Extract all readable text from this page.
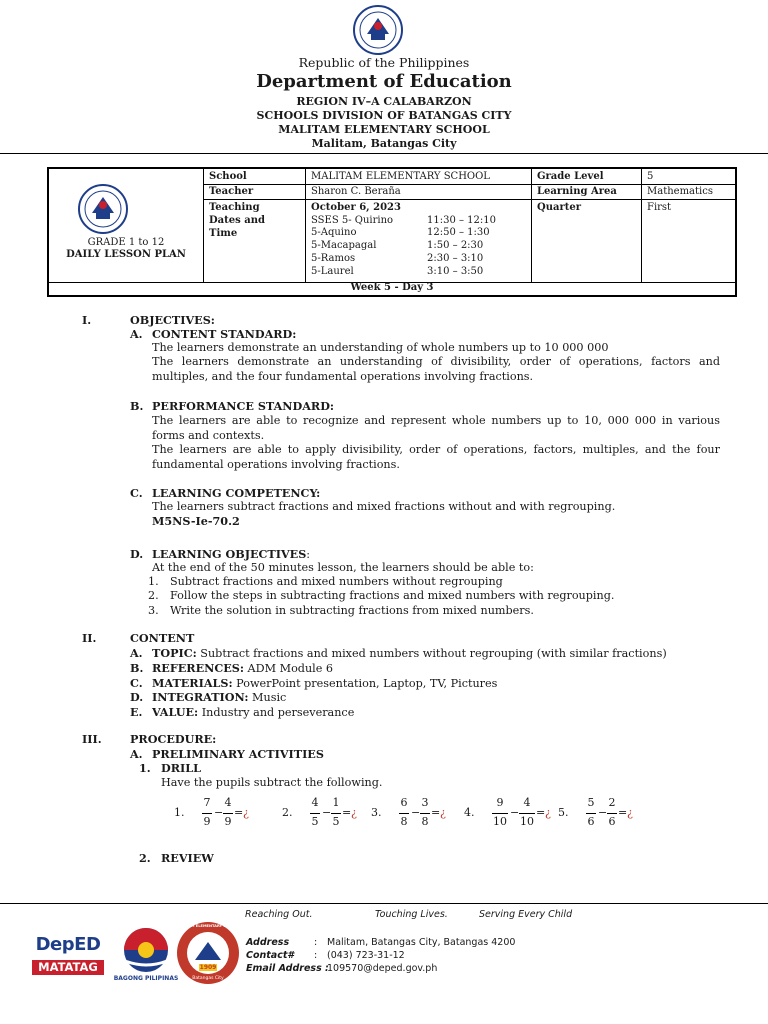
Republic of the Philippines
Department of Education
REGION IV–A CALABARZON
SCHOOLS DIVISION OF BATANGAS CITY
MALITAM ELEMENTARY SCHOOL
Malitam, Batangas City
GRADE 1 to 12
DAILY LESSON PLAN
School	MALITAM ELEMENTARY SCHOOL
Teacher	Sharon C. Beraña
Teaching
Dates and
Time
October 6, 2023
SSES 5- Quirino	11:30 – 12:10
5-Aquino	12:50 – 1:30
5-Macapagal	1:50 – 2:30
5-Ramos	2:30 – 3:10
5-Laurel	3:10 – 3:50
Grade Level	5
Learning Area	Mathematics
Quarter	First
Week 5 - Day 3
I.	OBJECTIVES:
A. CONTENT STANDARD:
The learners demonstrate an understanding of whole numbers up to 10 000 000
The learners demonstrate an understanding of divisibility, order of operations, factors and multiples, and the four fundamental operations involving fractions.
B. PERFORMANCE STANDARD:
The learners are able to recognize and represent whole numbers up to 10, 000 000 in various forms and contexts.
The learners are able to apply divisibility, order of operations, factors, multiples, and the four fundamental operations involving fractions.
C. LEARNING COMPETENCY:
The learners subtract fractions and mixed fractions without and with regrouping.
M5NS-Ie-70.2
D. LEARNING OBJECTIVES:
At the end of the 50 minutes lesson, the learners should be able to:
1. Subtract fractions and mixed numbers without regrouping
2. Follow the steps in subtracting fractions and mixed numbers with regrouping.
3. Write the solution in subtracting fractions from mixed numbers.
II.	CONTENT
A. TOPIC: Subtract fractions and mixed numbers without regrouping (with similar fractions)
B. REFERENCES: ADM Module 6
C. MATERIALS: PowerPoint presentation, Laptop, TV, Pictures
D. INTEGRATION: Music
E. VALUE: Industry and perseverance
III.	PROCEDURE:
A. PRELIMINARY ACTIVITIES
1. DRILL
Have the pupils subtract the following.
1.
7
9
−
4
9
= ¿	2.
4
5
−
1
5
= ¿ 3.
6
8
−
3
8
= ¿ 4.
9
10
−
4
10
= ¿ 5.
5
6
−
2
6
= ¿
2. REVIEW
Reaching Out.	Touching Lives.	Serving Every Child
DepED
MATATAG
BAGONG PILIPINAS
1909
MALITAM ELEMENTARY SCHOOL
Batangas City
Address	: Malitam, Batangas City, Batangas 4200
Contact# : (043) 723-31-12
Email Address :
109570@deped.gov.ph
